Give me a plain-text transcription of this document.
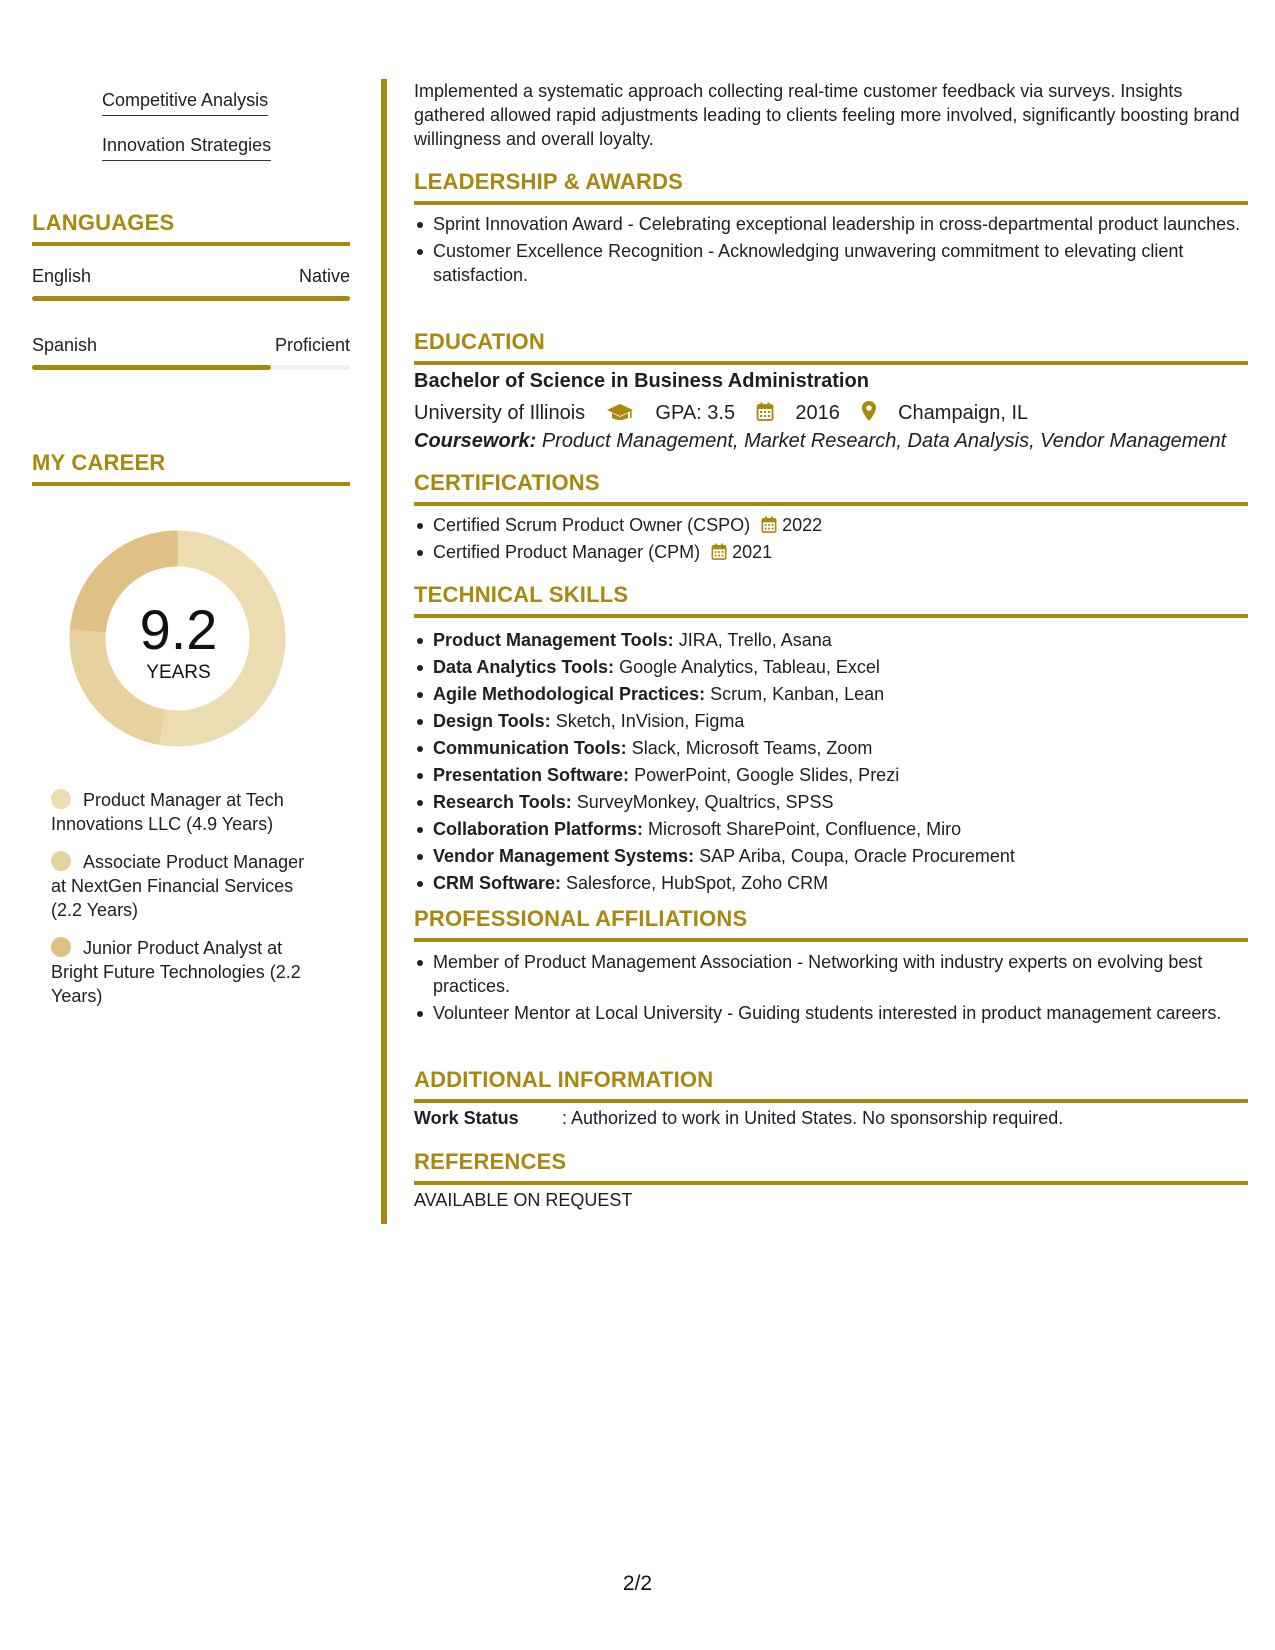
Competitive Analysis
Innovation Strategies
LANGUAGES
English	Native
Spanish	Proficient
MY CAREER
9.2
YEARS
Product Manager at Tech Innovations LLC (4.9 Years)
Associate Product Manager at NextGen Financial Services (2.2 Years)
Junior Product Analyst at Bright Future Technologies (2.2 Years)
Implemented a systematic approach collecting real-time customer feedback via surveys. Insights gathered allowed rapid adjustments leading to clients feeling more involved, significantly boosting brand willingness and overall loyalty.
LEADERSHIP & AWARDS
Sprint Innovation Award - Celebrating exceptional leadership in cross-departmental product launches.
Customer Excellence Recognition - Acknowledging unwavering commitment to elevating client satisfaction.
EDUCATION
Bachelor of Science in Business Administration
University of Illinois	GPA: 3.5	2016	Champaign, IL
Coursework: Product Management, Market Research, Data Analysis, Vendor Management
CERTIFICATIONS
Certified Scrum Product Owner (CSPO) 2022
Certified Product Manager (CPM) 2021
TECHNICAL SKILLS
Product Management Tools: JIRA, Trello, Asana
Data Analytics Tools: Google Analytics, Tableau, Excel
Agile Methodological Practices: Scrum, Kanban, Lean
Design Tools: Sketch, InVision, Figma
Communication Tools: Slack, Microsoft Teams, Zoom
Presentation Software: PowerPoint, Google Slides, Prezi
Research Tools: SurveyMonkey, Qualtrics, SPSS
Collaboration Platforms: Microsoft SharePoint, Confluence, Miro
Vendor Management Systems: SAP Ariba, Coupa, Oracle Procurement
CRM Software: Salesforce, HubSpot, Zoho CRM
PROFESSIONAL AFFILIATIONS
Member of Product Management Association - Networking with industry experts on evolving best practices.
Volunteer Mentor at Local University - Guiding students interested in product management careers.
ADDITIONAL INFORMATION
Work Status : Authorized to work in United States. No sponsorship required.
REFERENCES
AVAILABLE ON REQUEST
2/2
